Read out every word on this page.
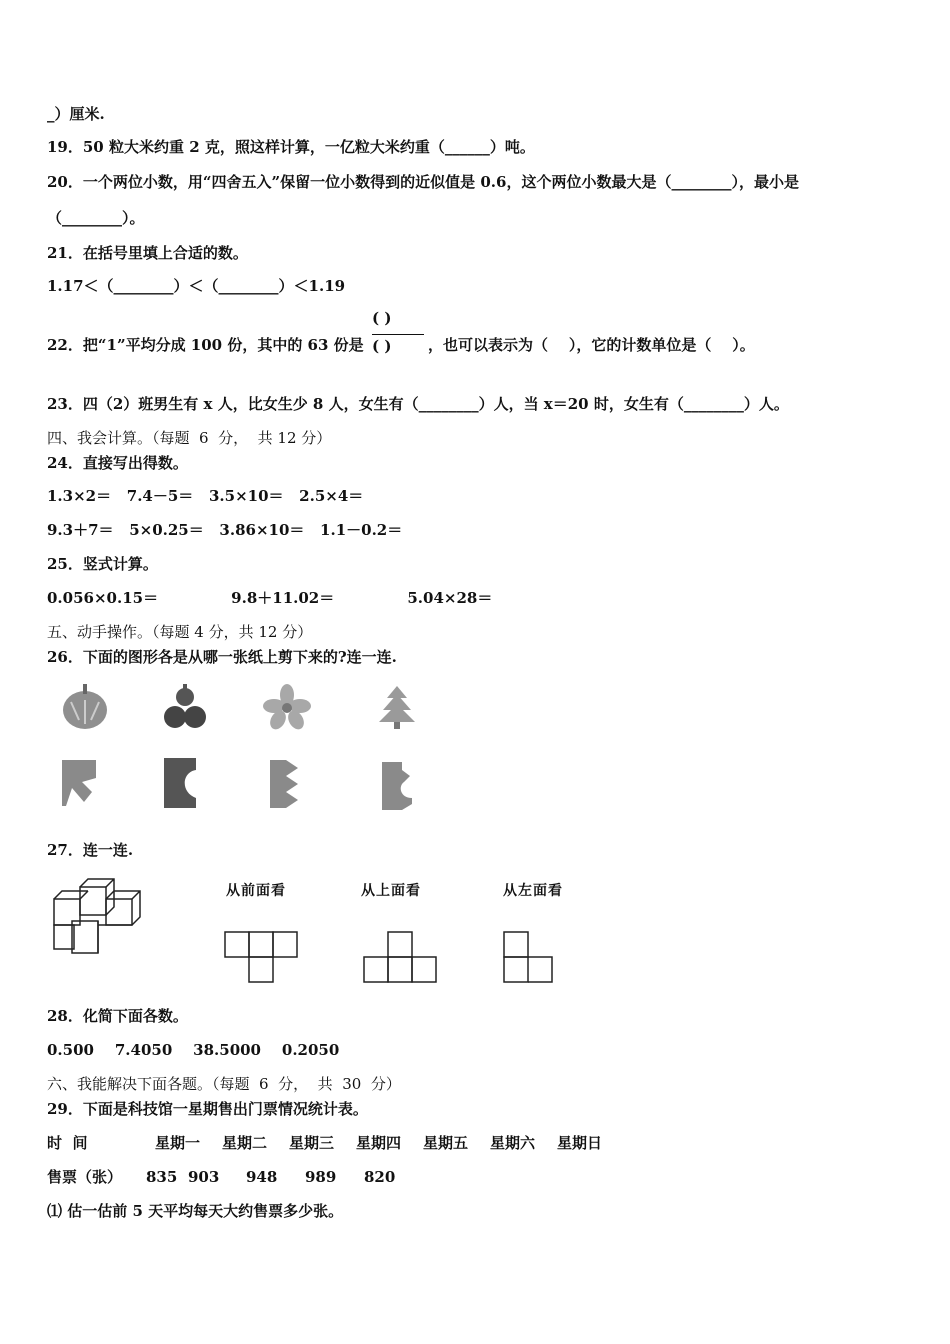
_）厘米.
19．50 粒大米约重 2 克，照这样计算，一亿粒大米约重（______）吨。
20．一个两位小数，用“四舍五入”保留一位小数得到的近似值是 0.6，这个两位小数最大是（________），最小是
（________）。
21．在括号里填上合适的数。
1.17＜（________）＜（________）＜1.19
22．把“1”平均分成 100 份，其中的 63 份是
( )
( ) ，也可以表示为（    ），它的计数单位是（    ）。
23．四（2）班男生有 x 人，比女生少 8 人，女生有（________）人，当 x＝20 时，女生有（________）人。
四、我会计算。（每题  6  分，  共 12 分）
24．直接写出得数。
1.3×2＝   7.4－5＝   3.5×10＝   2.5×4＝
9.3＋7＝   5×0.25＝   3.86×10＝   1.1－0.2＝
25．竖式计算。
0.056×0.15＝              9.8＋11.02＝              5.04×28＝
五、动手操作。（每题 4 分，共 12 分）
26．下面的图形各是从哪一张纸上剪下来的?连一连.
27．连一连.
从前面看	从上面看	从左面看
28．化简下面各数。
0.500    7.4050    38.5000    0.2050
六、我能解决下面各题。（每题  6  分，  共  30  分）
29．下面是科技馆一星期售出门票情况统计表。
时  间	星期一 星期二 星期三 星期四 星期五 星期六 星期日
售票（张） 835 903 948 989 820
⑴ 估一估前 5 天平均每天大约售票多少张。
